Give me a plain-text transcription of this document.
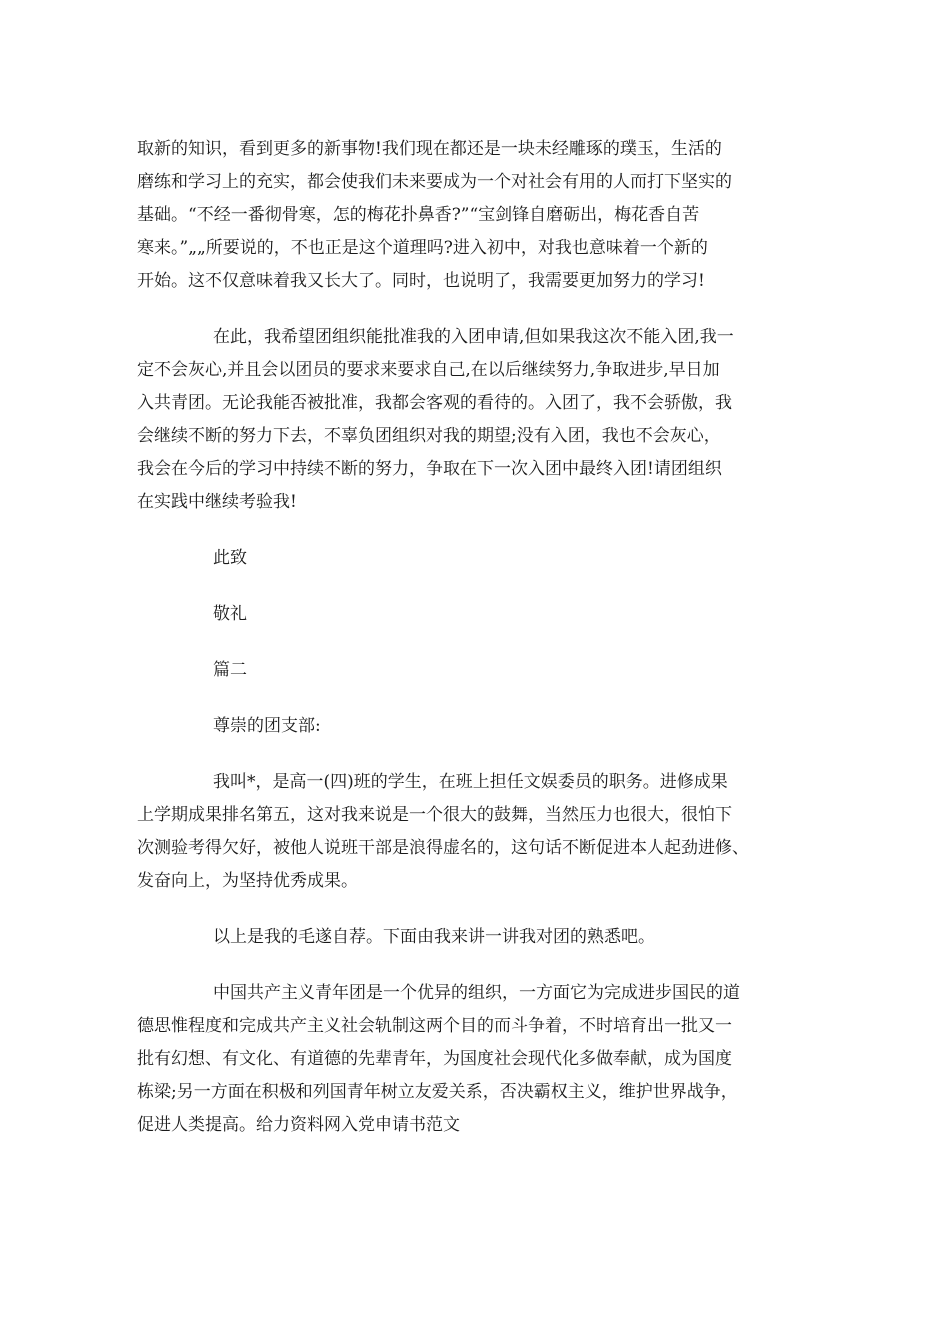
取新的知识，看到更多的新事物!我们现在都还是一块未经雕琢的璞玉，生活的
磨练和学习上的充实，都会使我们未来要成为一个对社会有用的人而打下坚实的
基础。“不经一番彻骨寒，怎的梅花扑鼻香?”“宝剑锋自磨砺出，梅花香自苦
寒来。”„„所要说的，不也正是这个道理吗?进入初中，对我也意味着一个新的
开始。这不仅意味着我又长大了。同时，也说明了，我需要更加努力的学习!
在此，我希望团组织能批准我的入团申请,但如果我这次不能入团,我一
定不会灰心,并且会以团员的要求来要求自己,在以后继续努力,争取进步,早日加
入共青团。无论我能否被批准，我都会客观的看待的。入团了，我不会骄傲，我
会继续不断的努力下去，不辜负团组织对我的期望;没有入团，我也不会灰心，
我会在今后的学习中持续不断的努力，争取在下一次入团中最终入团!请团组织
在实践中继续考验我!
此致
敬礼
篇二
尊崇的团支部:
我叫*，是高一(四)班的学生，在班上担任文娱委员的职务。进修成果
上学期成果排名第五，这对我来说是一个很大的鼓舞，当然压力也很大，很怕下
次测验考得欠好，被他人说班干部是浪得虚名的，这句话不断促进本人起劲进修、
发奋向上，为坚持优秀成果。
以上是我的毛遂自荐。下面由我来讲一讲我对团的熟悉吧。
中国共产主义青年团是一个优异的组织，一方面它为完成进步国民的道
德思惟程度和完成共产主义社会轨制这两个目的而斗争着，不时培育出一批又一
批有幻想、有文化、有道德的先辈青年，为国度社会现代化多做奉献，成为国度
栋梁;另一方面在积极和列国青年树立友爱关系，否决霸权主义，维护世界战争，
促进人类提高。给力资料网入党申请书范文
